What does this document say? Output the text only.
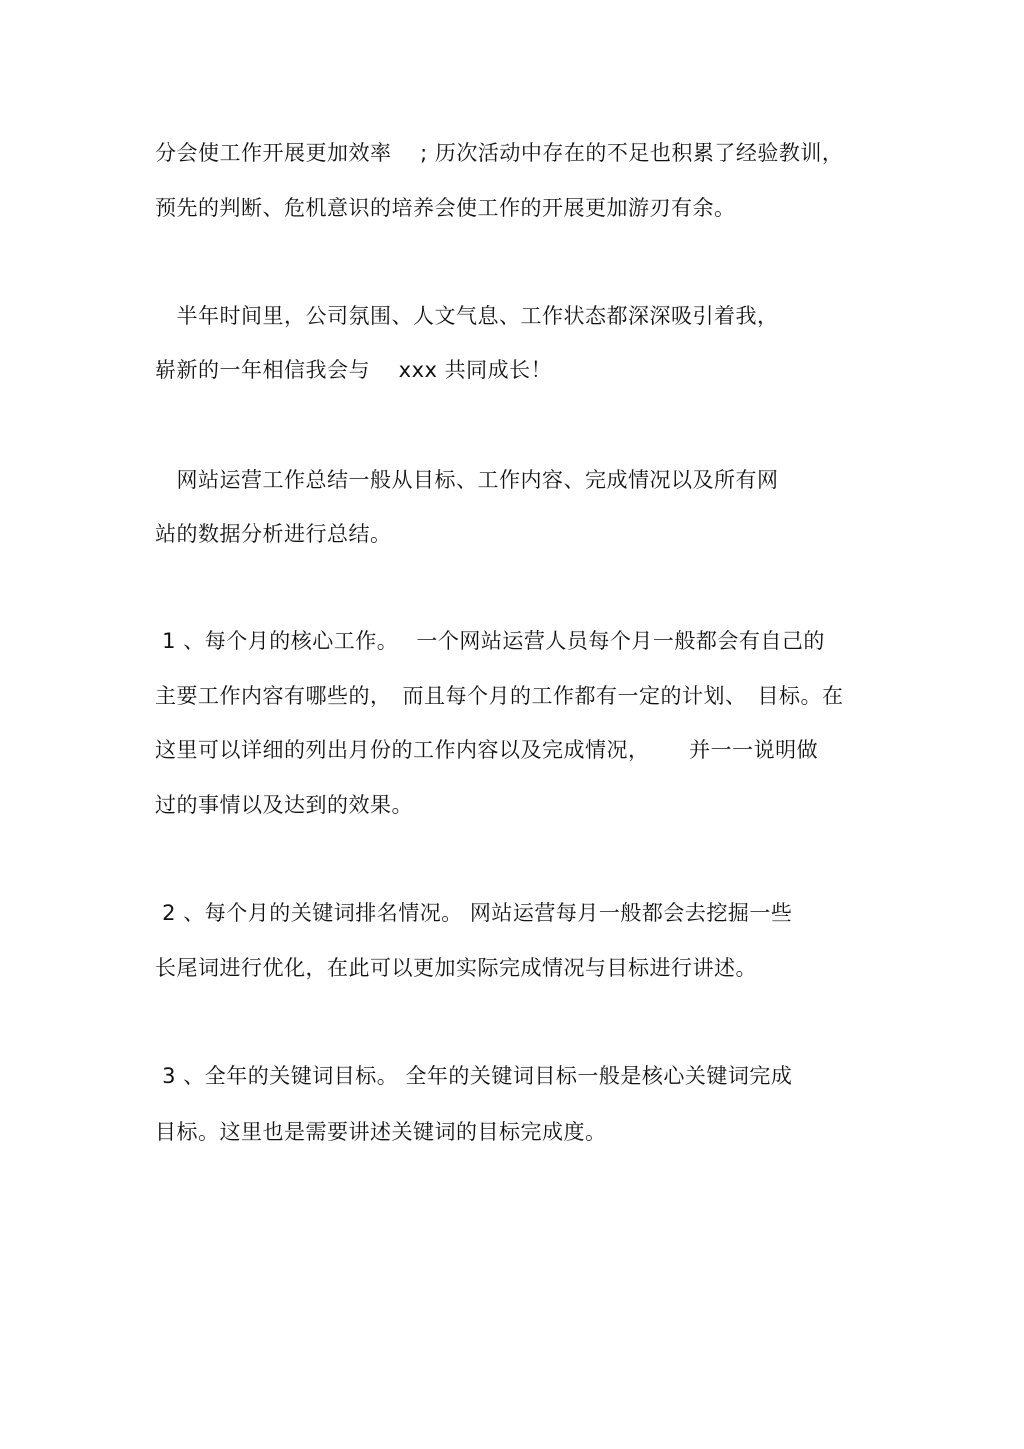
分会使工作开展更加效率　 ; 历次活动中存在的不足也积累了经验教训，
预先的判断、危机意识的培养会使工作的开展更加游刃有余。
　半年时间里，公司氛围、人文气息、工作状态都深深吸引着我，
崭新的一年相信我会与　 xxx 共同成长！
　网站运营工作总结一般从目标、工作内容、完成情况以及所有网
站的数据分析进行总结。
1 、每个月的核心工作。　 一个网站运营人员每个月一般都会有自己的
主要工作内容有哪些的，　而且每个月的工作都有一定的计划、　目标。在
这里可以详细的列出月份的工作内容以及完成情况，　　 并一一说明做
过的事情以及达到的效果。
2 、每个月的关键词排名情况。 网站运营每月一般都会去挖掘一些
长尾词进行优化，在此可以更加实际完成情况与目标进行讲述。
3 、全年的关键词目标。 全年的关键词目标一般是核心关键词完成
目标。这里也是需要讲述关键词的目标完成度。
